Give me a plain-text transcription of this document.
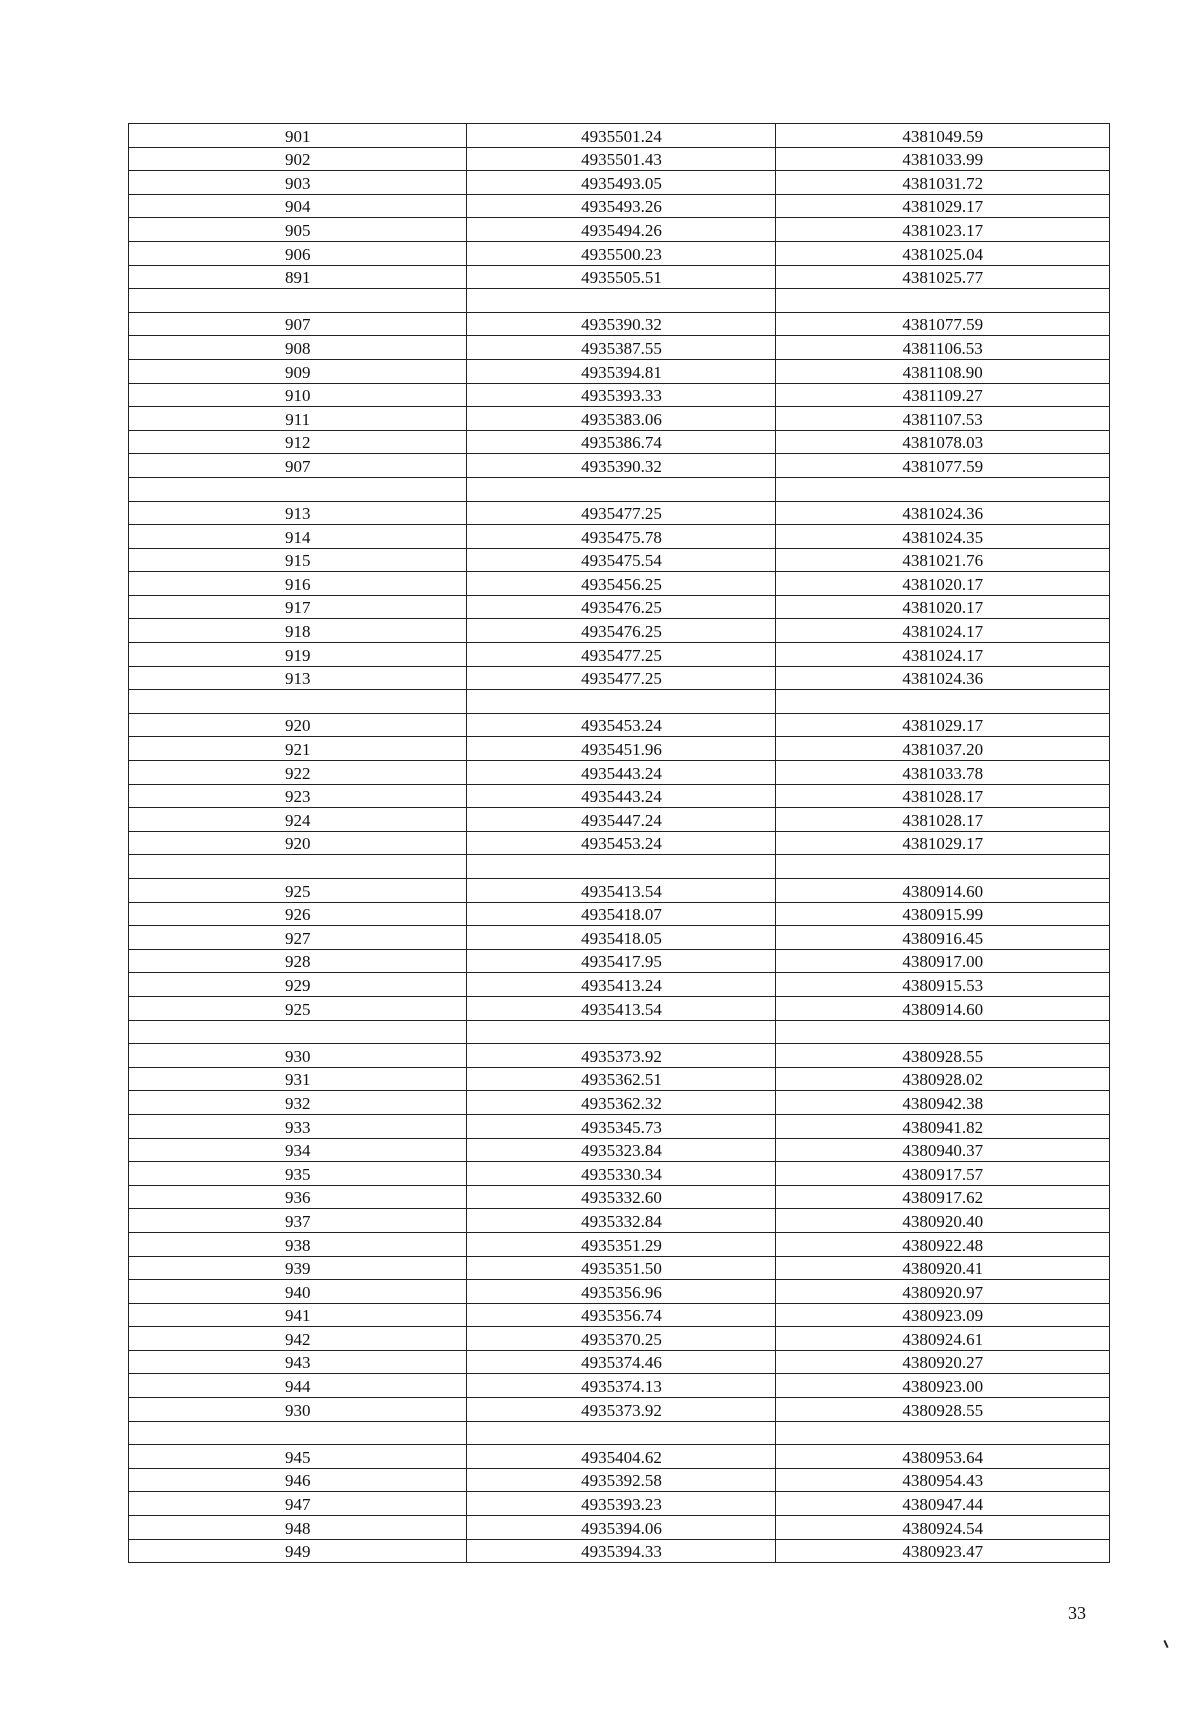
901	4935501.24	4381049.59
902	4935501.43	4381033.99
903	4935493.05	4381031.72
904	4935493.26	4381029.17
905	4935494.26	4381023.17
906	4935500.23	4381025.04
891	4935505.51	4381025.77

907	4935390.32	4381077.59
908	4935387.55	4381106.53
909	4935394.81	4381108.90
910	4935393.33	4381109.27
911	4935383.06	4381107.53
912	4935386.74	4381078.03
907	4935390.32	4381077.59

913	4935477.25	4381024.36
914	4935475.78	4381024.35
915	4935475.54	4381021.76
916	4935456.25	4381020.17
917	4935476.25	4381020.17
918	4935476.25	4381024.17
919	4935477.25	4381024.17
913	4935477.25	4381024.36

920	4935453.24	4381029.17
921	4935451.96	4381037.20
922	4935443.24	4381033.78
923	4935443.24	4381028.17
924	4935447.24	4381028.17
920	4935453.24	4381029.17

925	4935413.54	4380914.60
926	4935418.07	4380915.99
927	4935418.05	4380916.45
928	4935417.95	4380917.00
929	4935413.24	4380915.53
925	4935413.54	4380914.60

930	4935373.92	4380928.55
931	4935362.51	4380928.02
932	4935362.32	4380942.38
933	4935345.73	4380941.82
934	4935323.84	4380940.37
935	4935330.34	4380917.57
936	4935332.60	4380917.62
937	4935332.84	4380920.40
938	4935351.29	4380922.48
939	4935351.50	4380920.41
940	4935356.96	4380920.97
941	4935356.74	4380923.09
942	4935370.25	4380924.61
943	4935374.46	4380920.27
944	4935374.13	4380923.00
930	4935373.92	4380928.55

945	4935404.62	4380953.64
946	4935392.58	4380954.43
947	4935393.23	4380947.44
948	4935394.06	4380924.54
949	4935394.33	4380923.47
33
